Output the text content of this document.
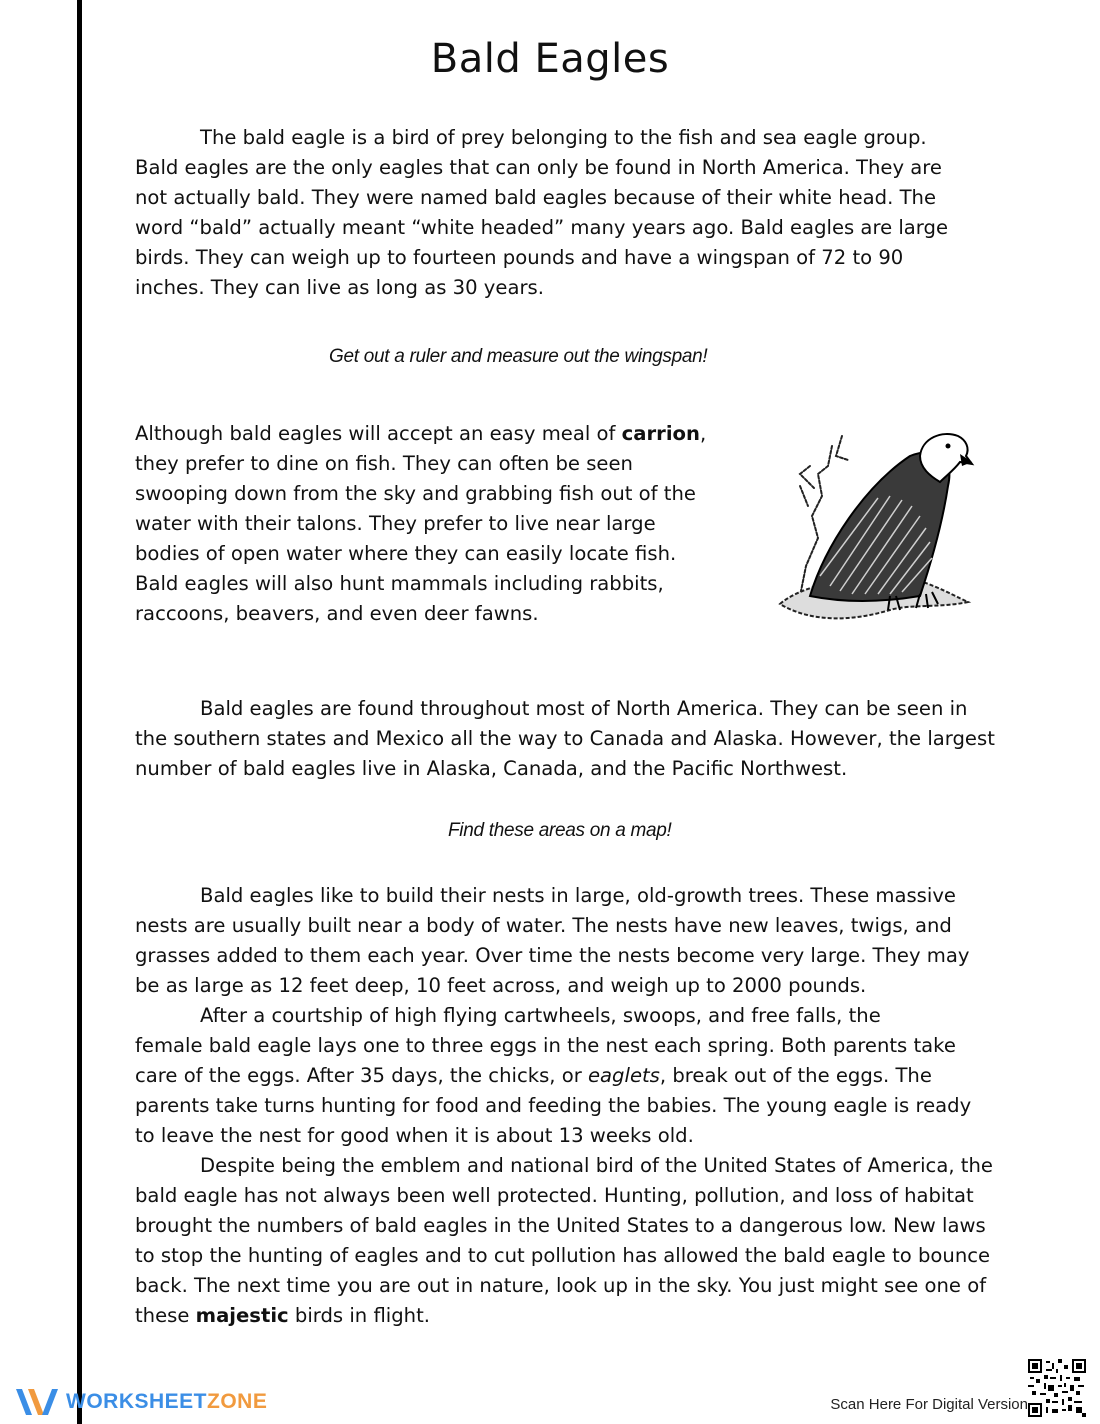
Bald Eagles
The bald eagle is a bird of prey belonging to the fish and sea eagle group.
Bald eagles are the only eagles that can only be found in North America. They are
not actually bald. They were named bald eagles because of their white head. The
word “bald” actually meant “white headed” many years ago. Bald eagles are large
birds. They can weigh up to fourteen pounds and have a wingspan of 72 to 90
inches. They can live as long as 30 years.

Get out a ruler and measure out the wingspan!

Although bald eagles will accept an easy meal of carrion,
they prefer to dine on fish. They can often be seen
swooping down from the sky and grabbing fish out of the
water with their talons. They prefer to live near large
bodies of open water where they can easily locate fish.
Bald eagles will also hunt mammals including rabbits,
raccoons, beavers, and even deer fawns.
Bald eagles are found throughout most of North America. They can be seen in
the southern states and Mexico all the way to Canada and Alaska. However, the largest
number of bald eagles live in Alaska, Canada, and the Pacific Northwest.

Find these areas on a map!

Bald eagles like to build their nests in large, old-growth trees. These massive
nests are usually built near a body of water. The nests have new leaves, twigs, and
grasses added to them each year. Over time the nests become very large. They may
be as large as 12 feet deep, 10 feet across, and weigh up to 2000 pounds.
After a courtship of high flying cartwheels, swoops, and free falls, the
female bald eagle lays one to three eggs in the nest each spring. Both parents take
care of the eggs. After 35 days, the chicks, or eaglets, break out of the eggs. The
parents take turns hunting for food and feeding the babies. The young eagle is ready
to leave the nest for good when it is about 13 weeks old.
Despite being the emblem and national bird of the United States of America, the
bald eagle has not always been well protected. Hunting, pollution, and loss of habitat
brought the numbers of bald eagles in the United States to a dangerous low. New laws
to stop the hunting of eagles and to cut pollution has allowed the bald eagle to bounce
back. The next time you are out in nature, look up in the sky. You just might see one of
these majestic birds in flight.
WORKSHEETZONE	Scan Here For Digital Version
